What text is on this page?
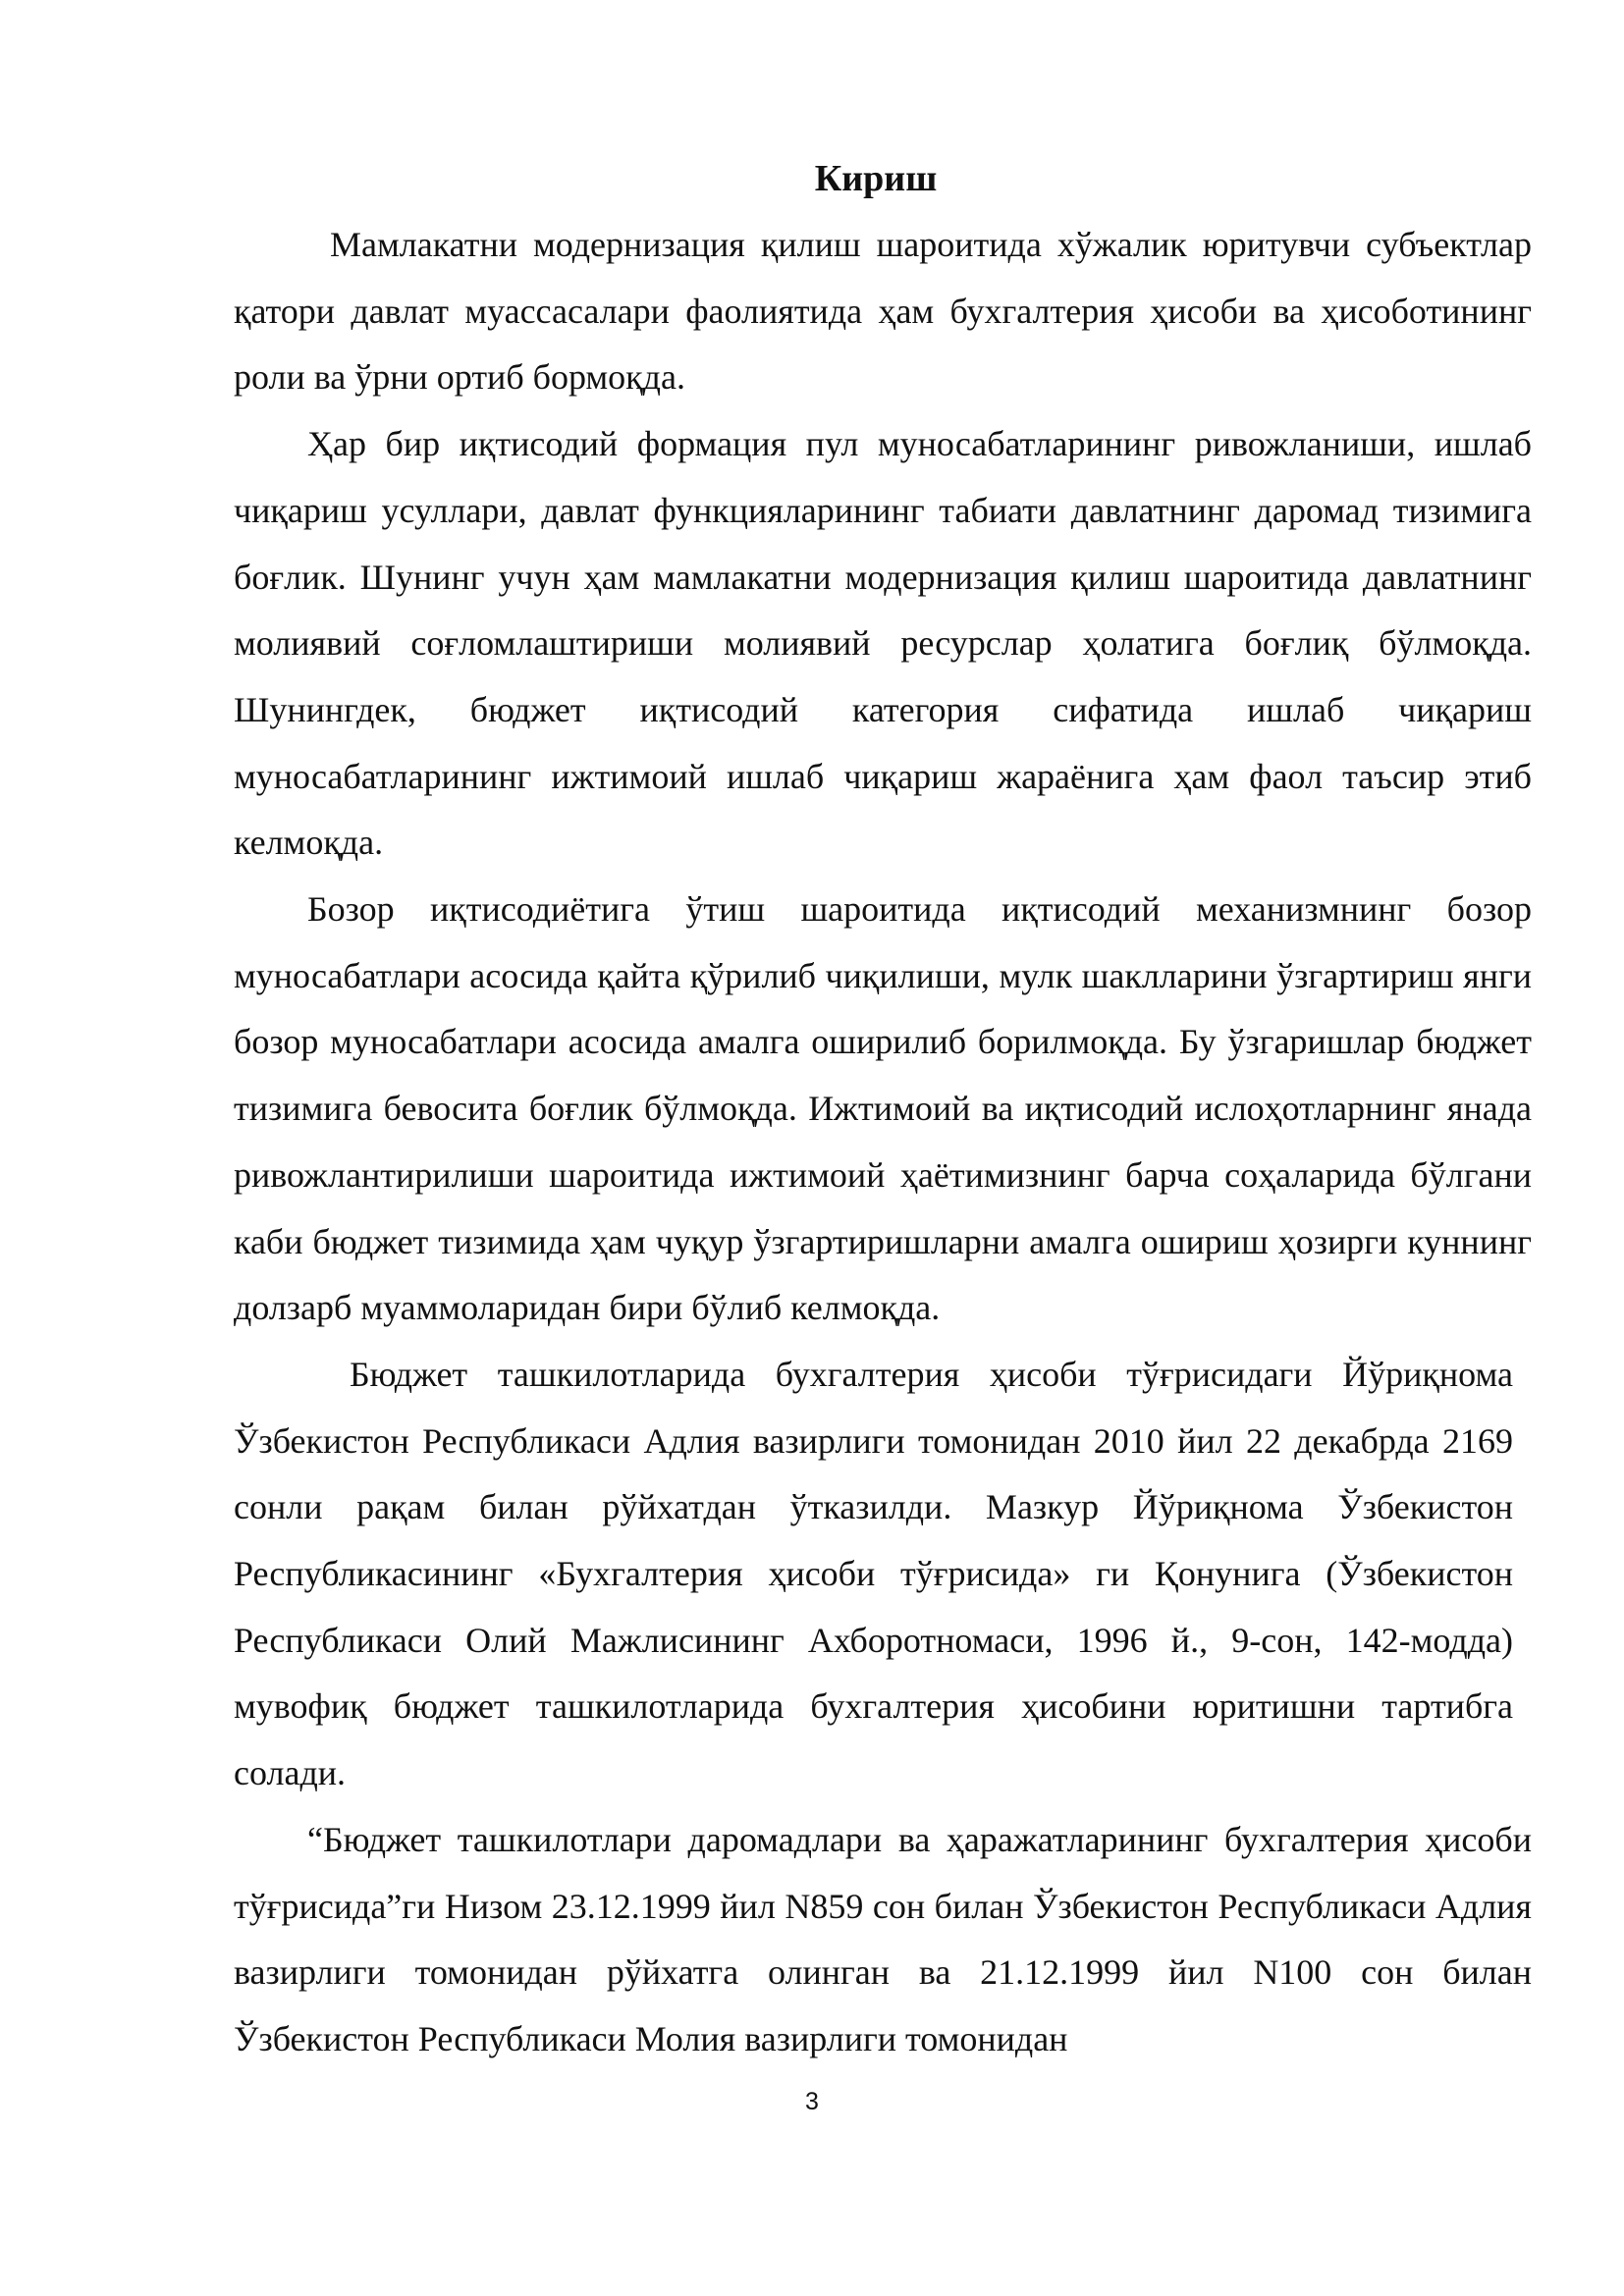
Кириш

Мамлакатни модернизация қилиш шароитида хўжалик юритувчи субъектлар қатори давлат муассасалари фаолиятида ҳам бухгалтерия ҳисоби ва ҳисоботининг роли ва ўрни ортиб бормоқда.

Ҳар бир иқтисодий формация пул муносабатларининг ривожланиши, ишлаб чиқариш усуллари, давлат функцияларининг табиати давлатнинг даромад тизимига боғлик. Шунинг учун ҳам мамлакатни модернизация қилиш шароитида давлатнинг молиявий соғломлаштириши молиявий ресурслар ҳолатига боғлиқ бўлмоқда. Шунингдек, бюджет иқтисодий категория сифатида ишлаб чиқариш муносабатларининг ижтимоий ишлаб чиқариш жараёнига ҳам фаол таъсир этиб келмоқда.

Бозор иқтисодиётига ўтиш шароитида иқтисодий механизмнинг бозор муносабатлари асосида қайта қўрилиб чиқилиши, мулк шаклларини ўзгартириш янги бозор муносабатлари асосида амалга оширилиб борилмоқда. Бу ўзгаришлар бюджет тизимига бевосита боғлик бўлмоқда. Ижтимоий ва иқтисодий ислоҳотларнинг янада ривожлантирилиши шароитида ижтимоий ҳаётимизнинг барча соҳаларида бўлгани каби бюджет тизимида ҳам чуқур ўзгартиришларни амалга ошириш ҳозирги куннинг долзарб муаммоларидан бири бўлиб келмоқда.

Бюджет ташкилотларида бухгалтерия ҳисоби тўғрисидаги Йўриқнома Ўзбекистон Республикаси Адлия вазирлиги томонидан 2010 йил 22 декабрда 2169 сонли рақам билан рўйхатдан ўтказилди. Мазкур Йўриқнома Ўзбекистон Республикасининг «Бухгалтерия ҳисоби тўғрисида» ги Қонунига (Ўзбекистон Республикаси Олий Мажлисининг Ахборотномаси, 1996 й., 9-сон, 142-модда) мувофиқ бюджет ташкилотларида бухгалтерия ҳисобини юритишни тартибга солади.

“Бюджет ташкилотлари даромадлари ва ҳаражатларининг бухгалтерия ҳисоби тўғрисида”ги Низом 23.12.1999 йил N859 сон билан Ўзбекистон Республикаси Адлия вазирлиги томонидан рўйхатга олинган ва 21.12.1999 йил N100 сон билан Ўзбекистон Республикаси Молия вазирлиги томонидан

3
